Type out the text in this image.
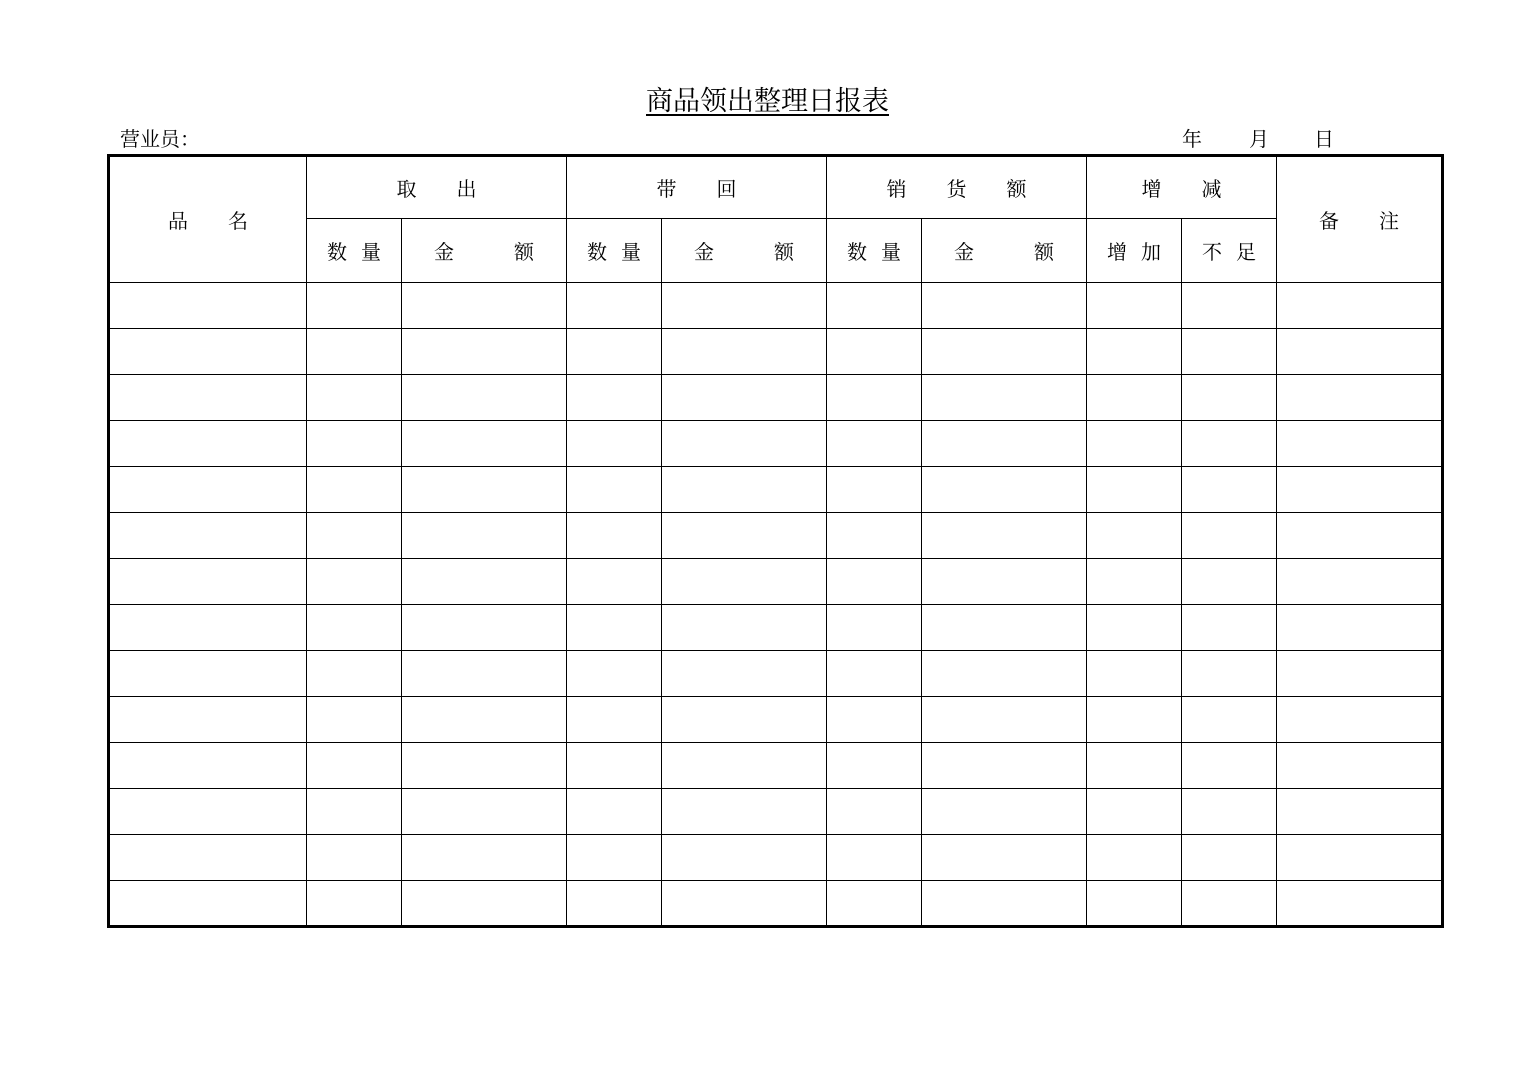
商品领出整理日报表
营业员：	年 月 日
品　　名	取　　出		带　　回		销　　货　　额		增　　减		备　　注

	数 量	金 额	数 量	金 额	数 量	金 额	增 加	不 足	
